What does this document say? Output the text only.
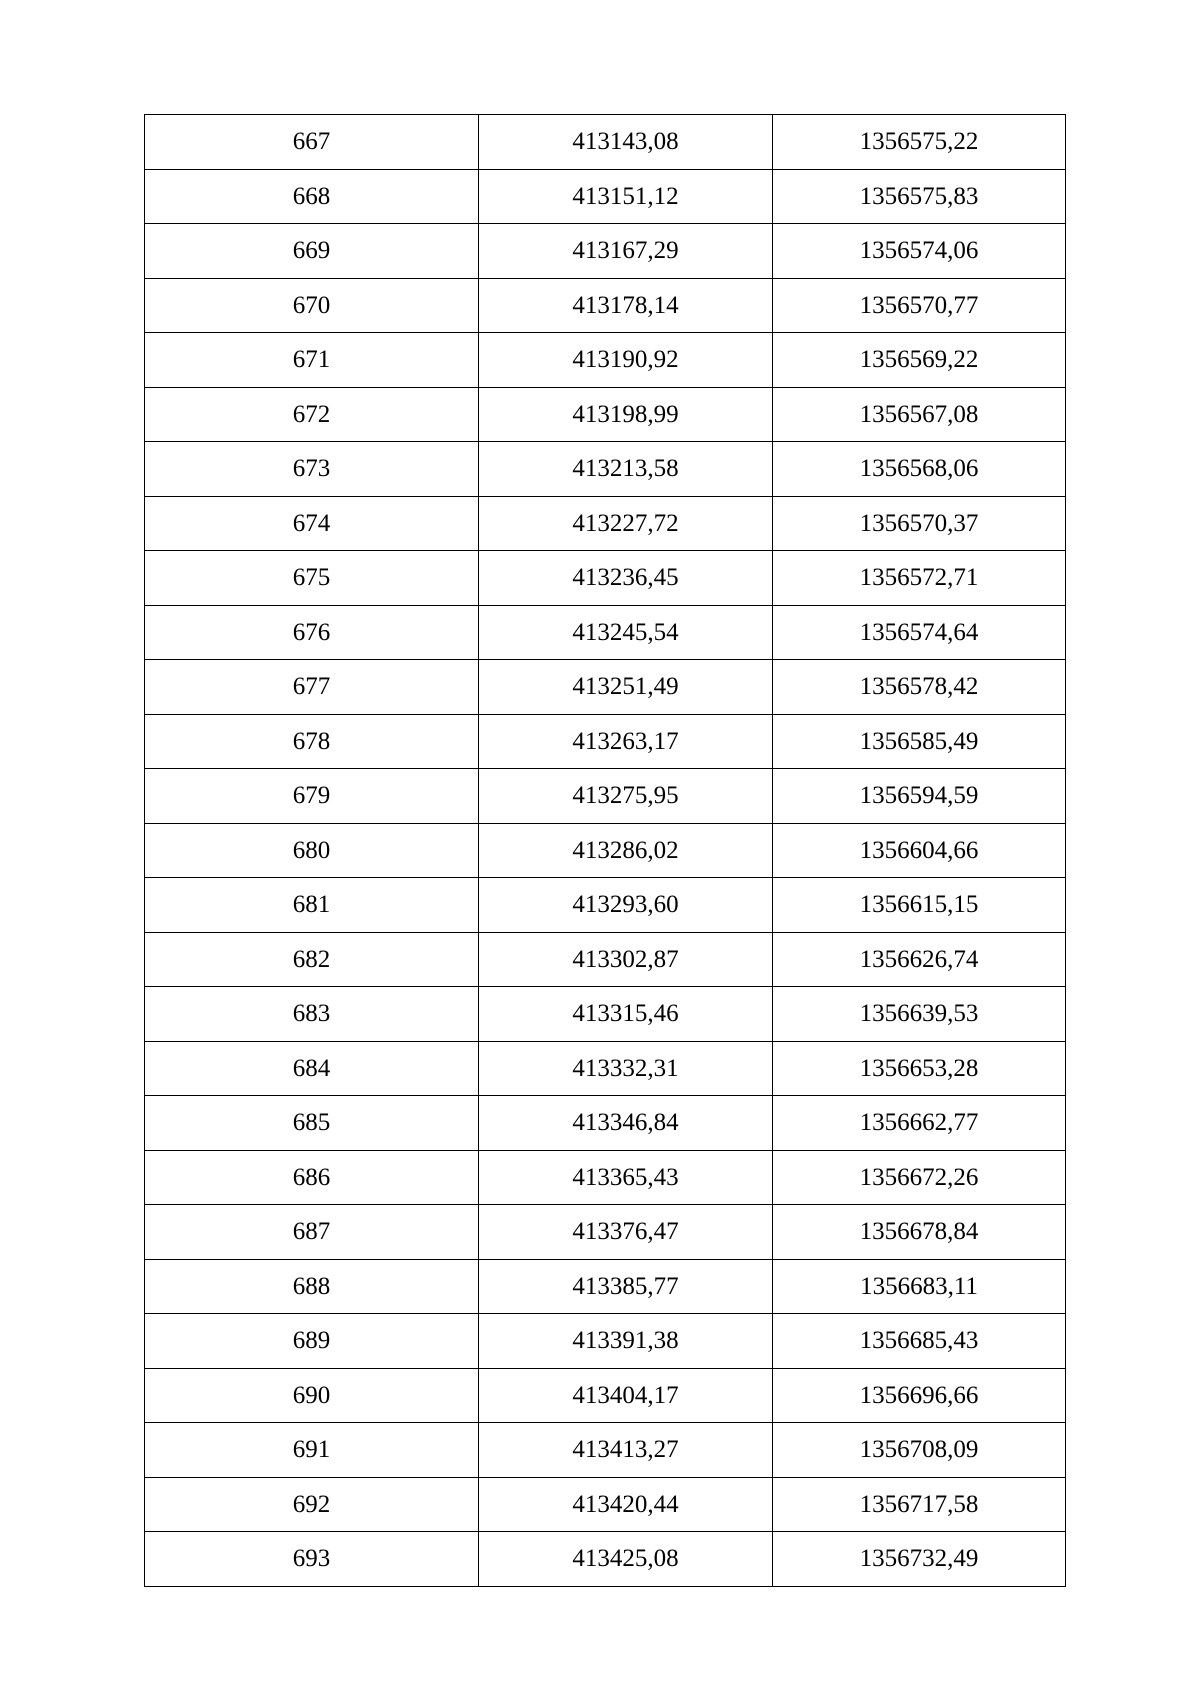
667	413143,08	1356575,22
668	413151,12	1356575,83
669	413167,29	1356574,06
670	413178,14	1356570,77
671	413190,92	1356569,22
672	413198,99	1356567,08
673	413213,58	1356568,06
674	413227,72	1356570,37
675	413236,45	1356572,71
676	413245,54	1356574,64
677	413251,49	1356578,42
678	413263,17	1356585,49
679	413275,95	1356594,59
680	413286,02	1356604,66
681	413293,60	1356615,15
682	413302,87	1356626,74
683	413315,46	1356639,53
684	413332,31	1356653,28
685	413346,84	1356662,77
686	413365,43	1356672,26
687	413376,47	1356678,84
688	413385,77	1356683,11
689	413391,38	1356685,43
690	413404,17	1356696,66
691	413413,27	1356708,09
692	413420,44	1356717,58
693	413425,08	1356732,49
